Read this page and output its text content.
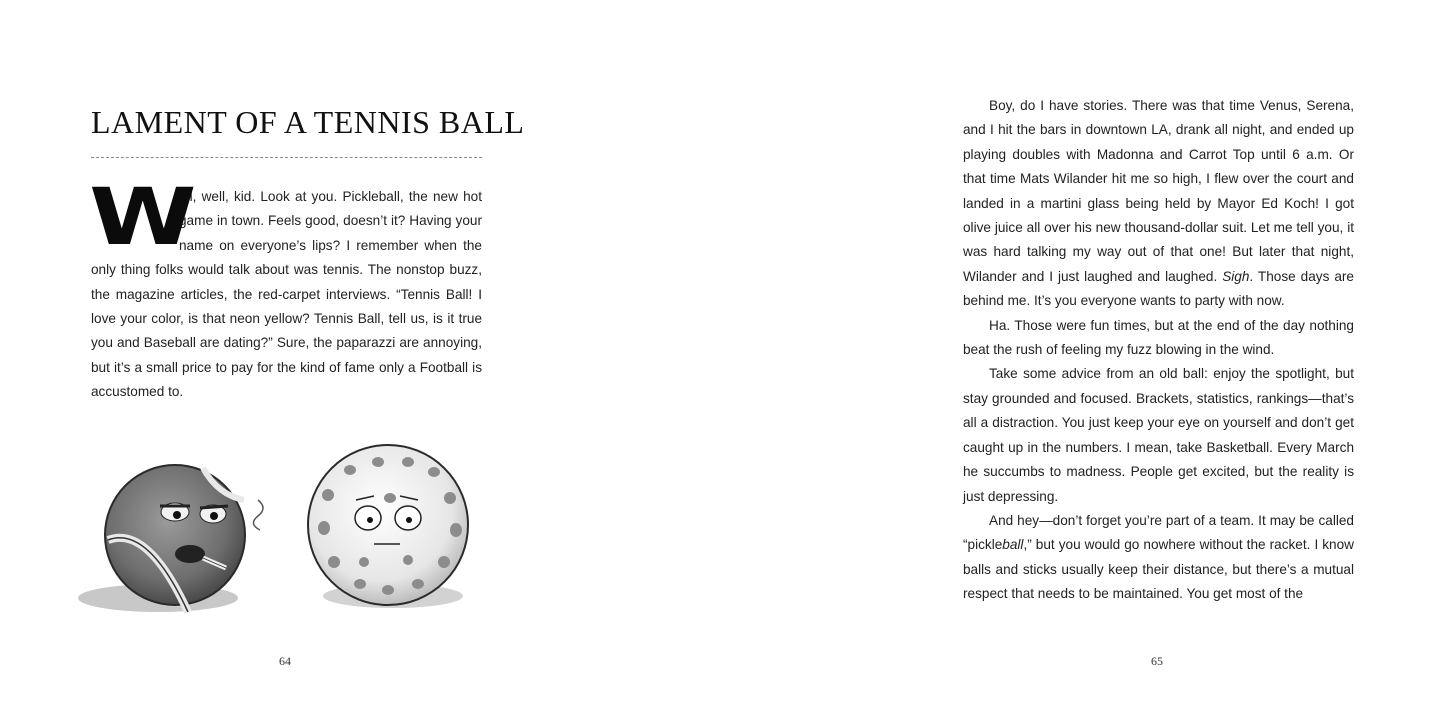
LAMENT OF A TENNIS BALL
W

ell, well, kid. Look at you. Pickleball, the new hot game in town. Feels good, doesn’t it? Having your name on everyone’s lips? I remember when the only thing folks would talk about was tennis. The nonstop buzz, the magazine articles, the red-carpet interviews. “Tennis Ball! I love your color, is that neon yellow? Tennis Ball, tell us, is it true you and Baseball are dating?” Sure, the paparazzi are annoying, but it’s a small price to pay for the kind of fame only a Football is accustomed to.

64

Boy, do I have stories. There was that time Venus, Serena, and I hit the bars in downtown LA, drank all night, and ended up playing doubles with Madonna and Carrot Top until 6 a.m. Or that time Mats Wilander hit me so high, I flew over the court and landed in a martini glass being held by Mayor Ed Koch! I got olive juice all over his new thousand-dollar suit. Let me tell you, it was hard talking my way out of that one! But later that night, Wilander and I just laughed and laughed. Sigh. Those days are behind me. It’s you everyone wants to party with now.

Ha. Those were fun times, but at the end of the day nothing beat the rush of feeling my fuzz blowing in the wind.

Take some advice from an old ball: enjoy the spotlight, but stay grounded and focused. Brackets, statistics, rankings—that’s all a distraction. You just keep your eye on yourself and don’t get caught up in the numbers. I mean, take Basketball. Every March he succumbs to madness. People get excited, but the reality is just depressing.

And hey—don’t forget you’re part of a team. It may be called “pickleball,” but you would go nowhere without the racket. I know balls and sticks usually keep their distance, but there’s a mutual respect that needs to be maintained. You get most of the

65
